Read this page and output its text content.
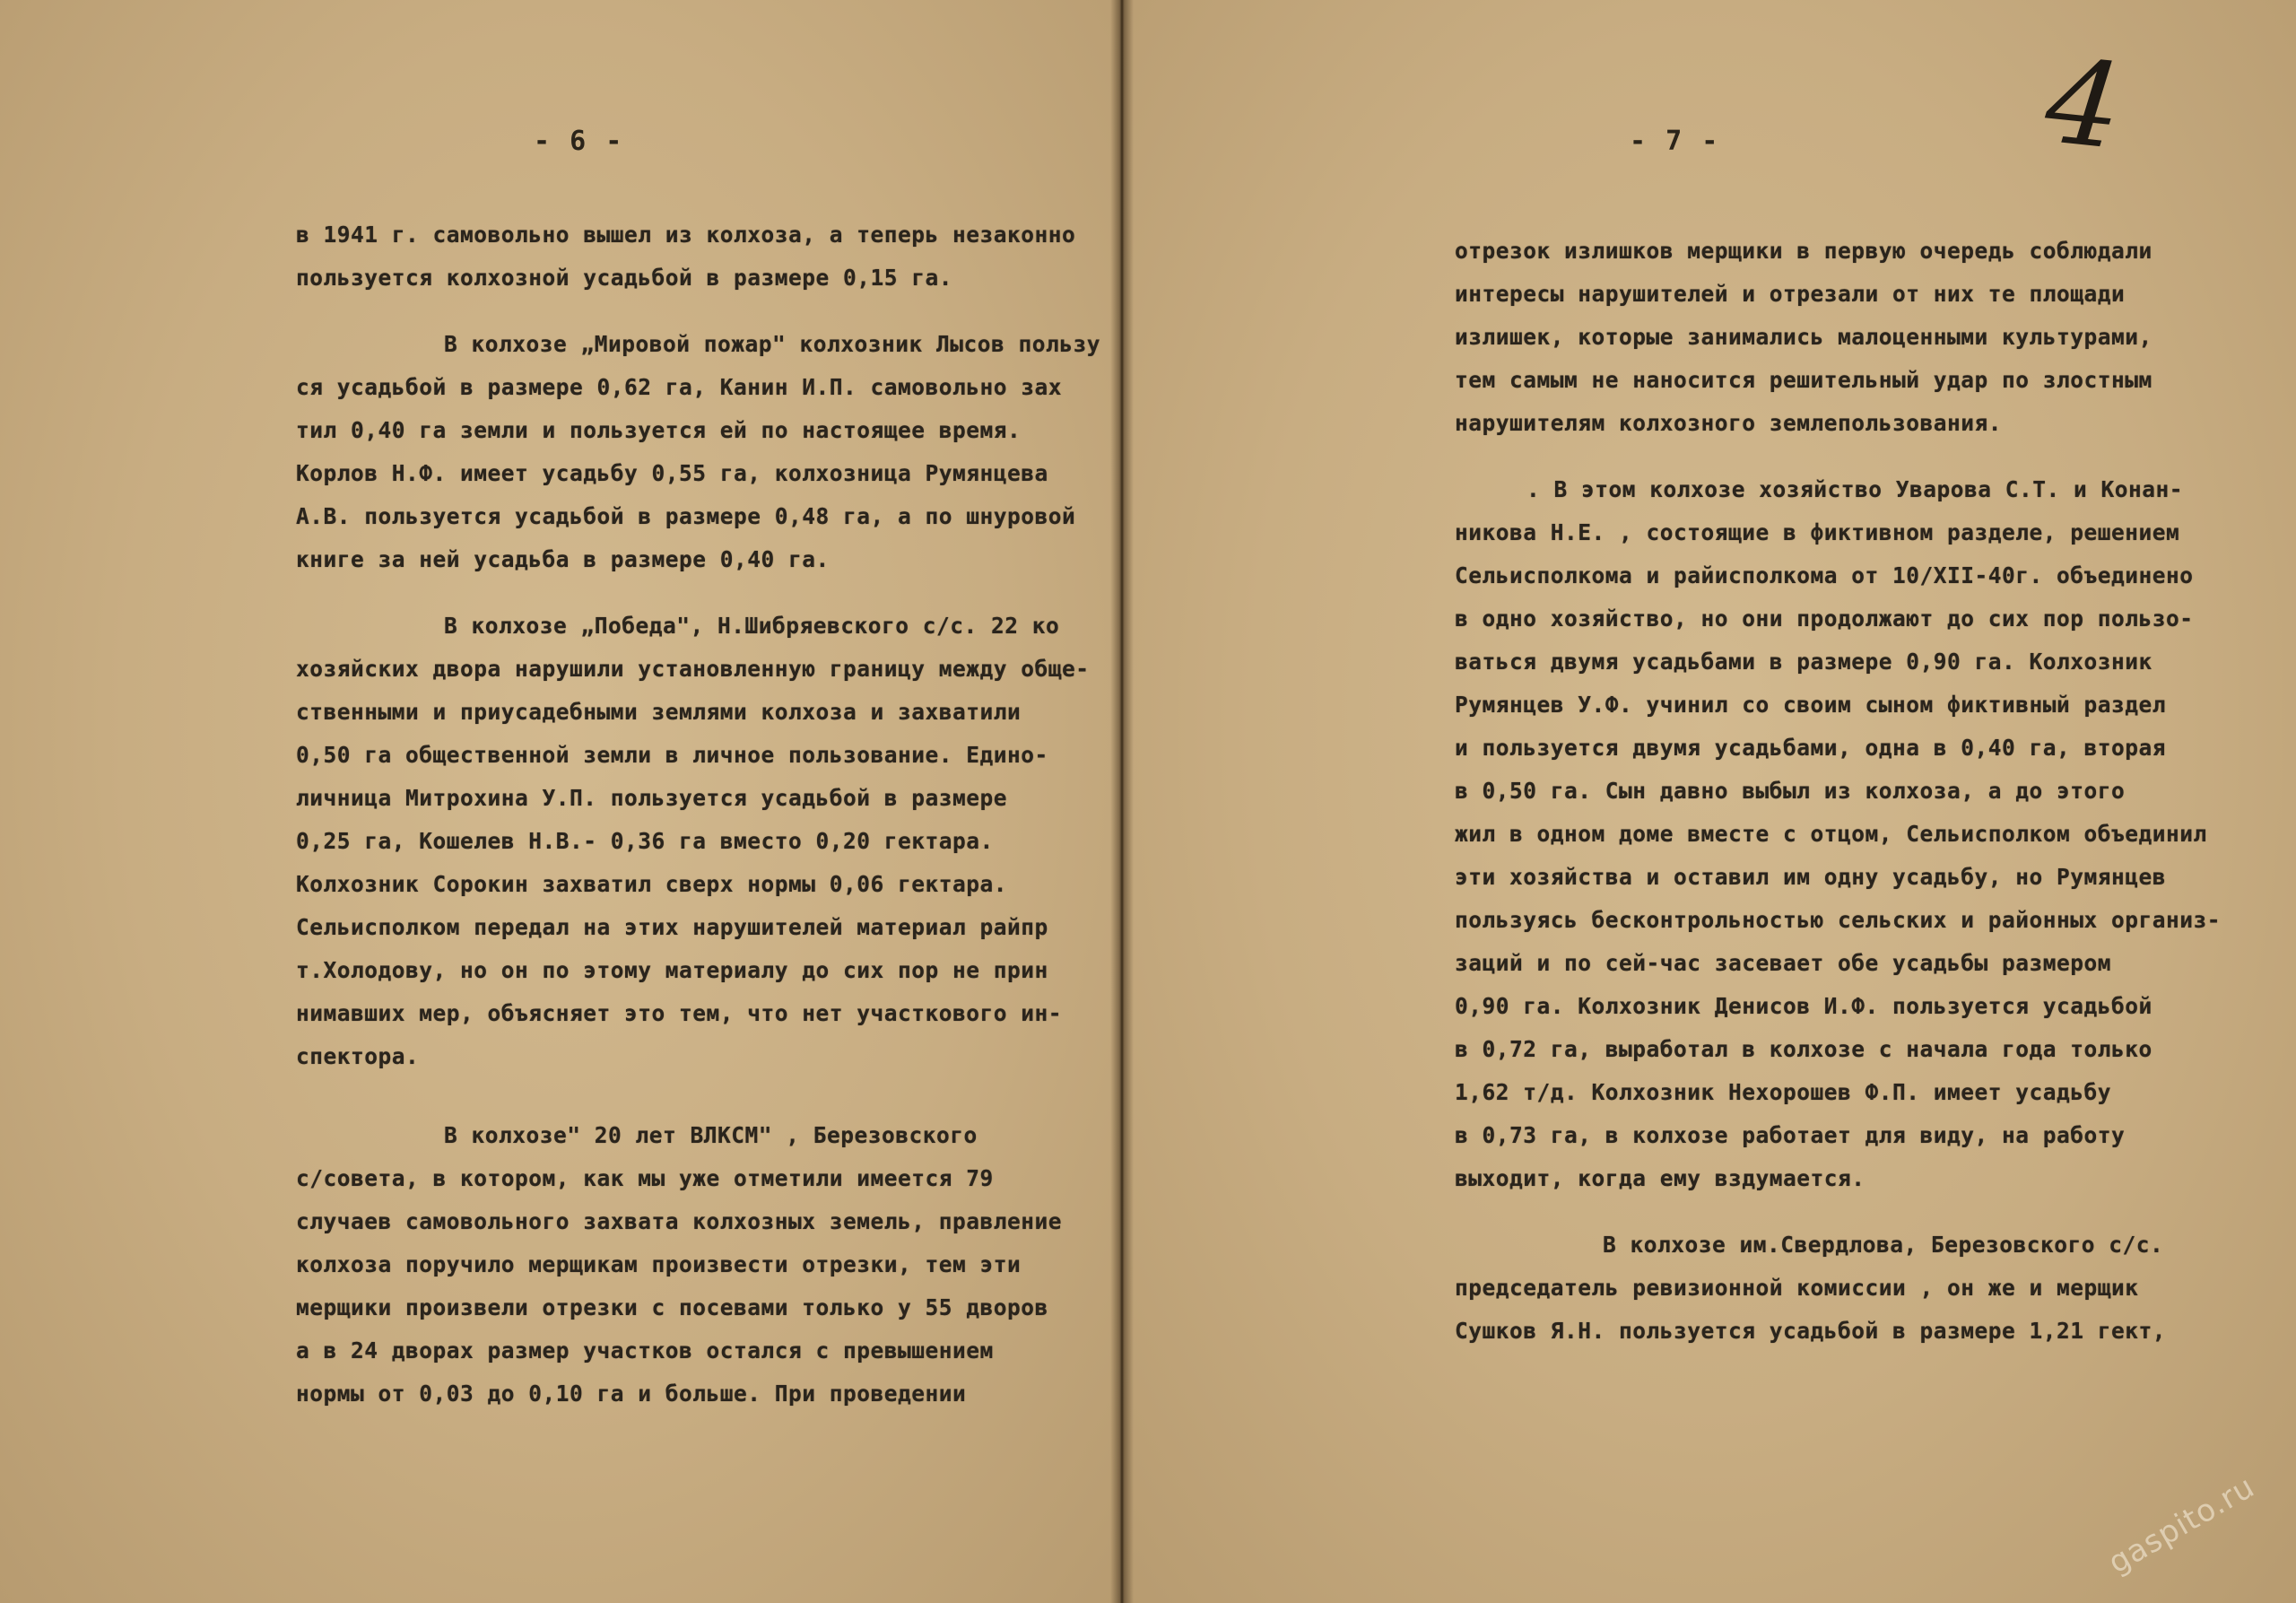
- 6 -
в 1941 г. самовольно вышел из колхоза, а теперь незаконно
пользуется колхозной усадьбой в размере 0,15 га.
В колхозе „Мировой пожар" колхозник Лысов пользу
ся усадьбой в размере 0,62 га, Канин И.П. самовольно зах
тил 0,40 га земли и пользуется ей по настоящее время.
Корлов Н.Ф. имеет усадьбу 0,55 га, колхозница Румянцева
А.В. пользуется усадьбой в размере 0,48 га, а по шнуровой
книге за ней усадьба в размере 0,40 га.
В колхозе „Победа", Н.Шибряевского с/с. 22 ко
хозяйских двора нарушили установленную границу между обще-
ственными и приусадебными землями колхоза и захватили
0,50 га общественной земли в личное пользование. Едино-
личница Митрохина У.П. пользуется усадьбой в размере
0,25 га, Кошелев Н.В.- 0,36 га вместо 0,20 гектара.
Колхозник Сорокин захватил сверх нормы 0,06 гектара.
Сельисполком передал на этих нарушителей материал райпр
т.Холодову, но он по этому материалу до сих пор не прин
нимавших мер, объясняет это тем, что нет участкового ин-
спектора.
В колхозе" 20 лет ВЛКСМ" , Березовского
с/совета, в котором, как мы уже отметили имеется 79
случаев самовольного захвата колхозных земель, правление
колхоза поручило мерщикам произвести отрезки, тем эти
мерщики произвели отрезки с посевами только у 55 дворов
а в 24 дворах размер участков остался с превышением
нормы от 0,03 до 0,10 га и больше. При проведении
- 7 -	4
отрезок излишков мерщики в первую очередь соблюдали
интересы нарушителей и отрезали от них те площади
излишек, которые занимались малоценными культурами,
тем самым не наносится решительный удар по злостным
нарушителям колхозного землепользования.
. В этом колхозе хозяйство Уварова С.Т. и Конан-
никова Н.Е. , состоящие в фиктивном разделе, решением
Сельисполкома и райисполкома от 10/XII-40г. объединено
в одно хозяйство, но они продолжают до сих пор пользо-
ваться двумя усадьбами в размере 0,90 га. Колхозник
Румянцев У.Ф. учинил со своим сыном фиктивный раздел
и пользуется двумя усадьбами, одна в 0,40 га, вторая
в 0,50 га. Сын давно выбыл из колхоза, а до этого
жил в одном доме вместе с отцом, Сельисполком объединил
эти хозяйства и оставил им одну усадьбу, но Румянцев
пользуясь бесконтрольностью сельских и районных организ-
заций и по сей-час засевает обе усадьбы размером
0,90 га. Колхозник Денисов И.Ф. пользуется усадьбой
в 0,72 га, выработал в колхозе с начала года только
1,62 т/д. Колхозник Нехорошев Ф.П. имеет усадьбу
в 0,73 га, в колхозе работает для виду, на работу
выходит, когда ему вздумается.
В колхозе им.Свердлова, Березовского с/с.
председатель ревизионной комиссии , он же и мерщик
Сушков Я.Н. пользуется усадьбой в размере 1,21 гект,
gaspito.ru
